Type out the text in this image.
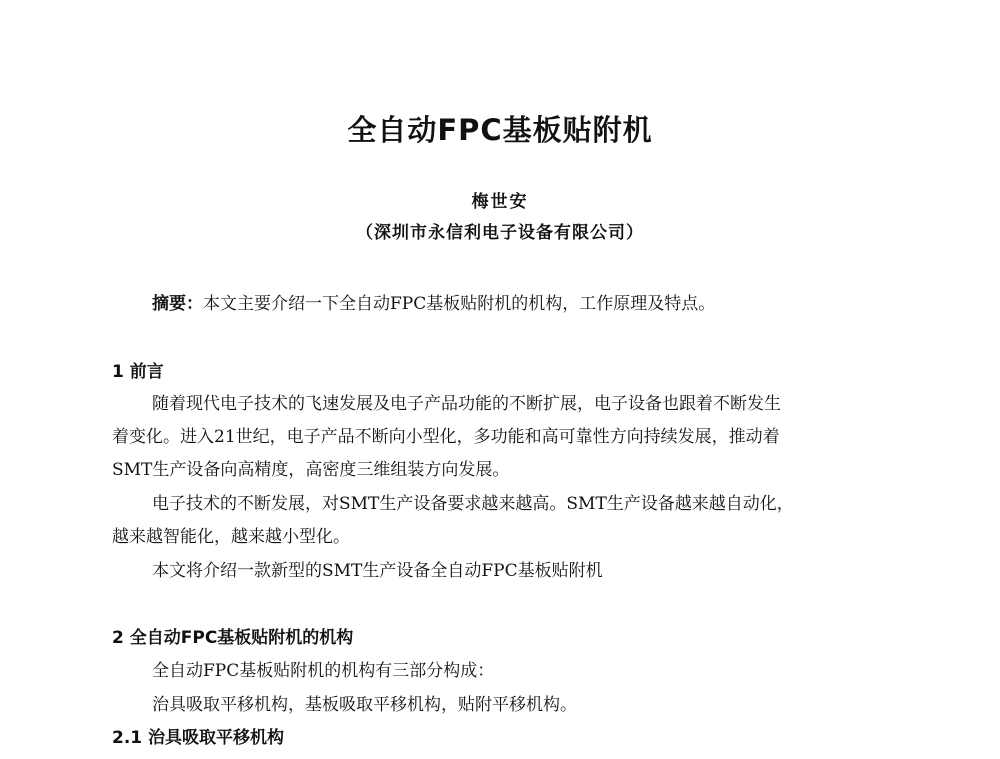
全自动FPC基板贴附机
梅世安
（深圳市永信利电子设备有限公司）
摘要：本文主要介绍一下全自动FPC基板贴附机的机构，工作原理及特点。
1 前言
随着现代电子技术的飞速发展及电子产品功能的不断扩展，电子设备也跟着不断发生
着变化。进入21世纪，电子产品不断向小型化，多功能和高可靠性方向持续发展，推动着
SMT生产设备向高精度，高密度三维组装方向发展。
电子技术的不断发展，对SMT生产设备要求越来越高。SMT生产设备越来越自动化，
越来越智能化，越来越小型化。
本文将介绍一款新型的SMT生产设备全自动FPC基板贴附机
2 全自动FPC基板贴附机的机构
全自动FPC基板贴附机的机构有三部分构成：
治具吸取平移机构，基板吸取平移机构，贴附平移机构。
2.1 治具吸取平移机构
